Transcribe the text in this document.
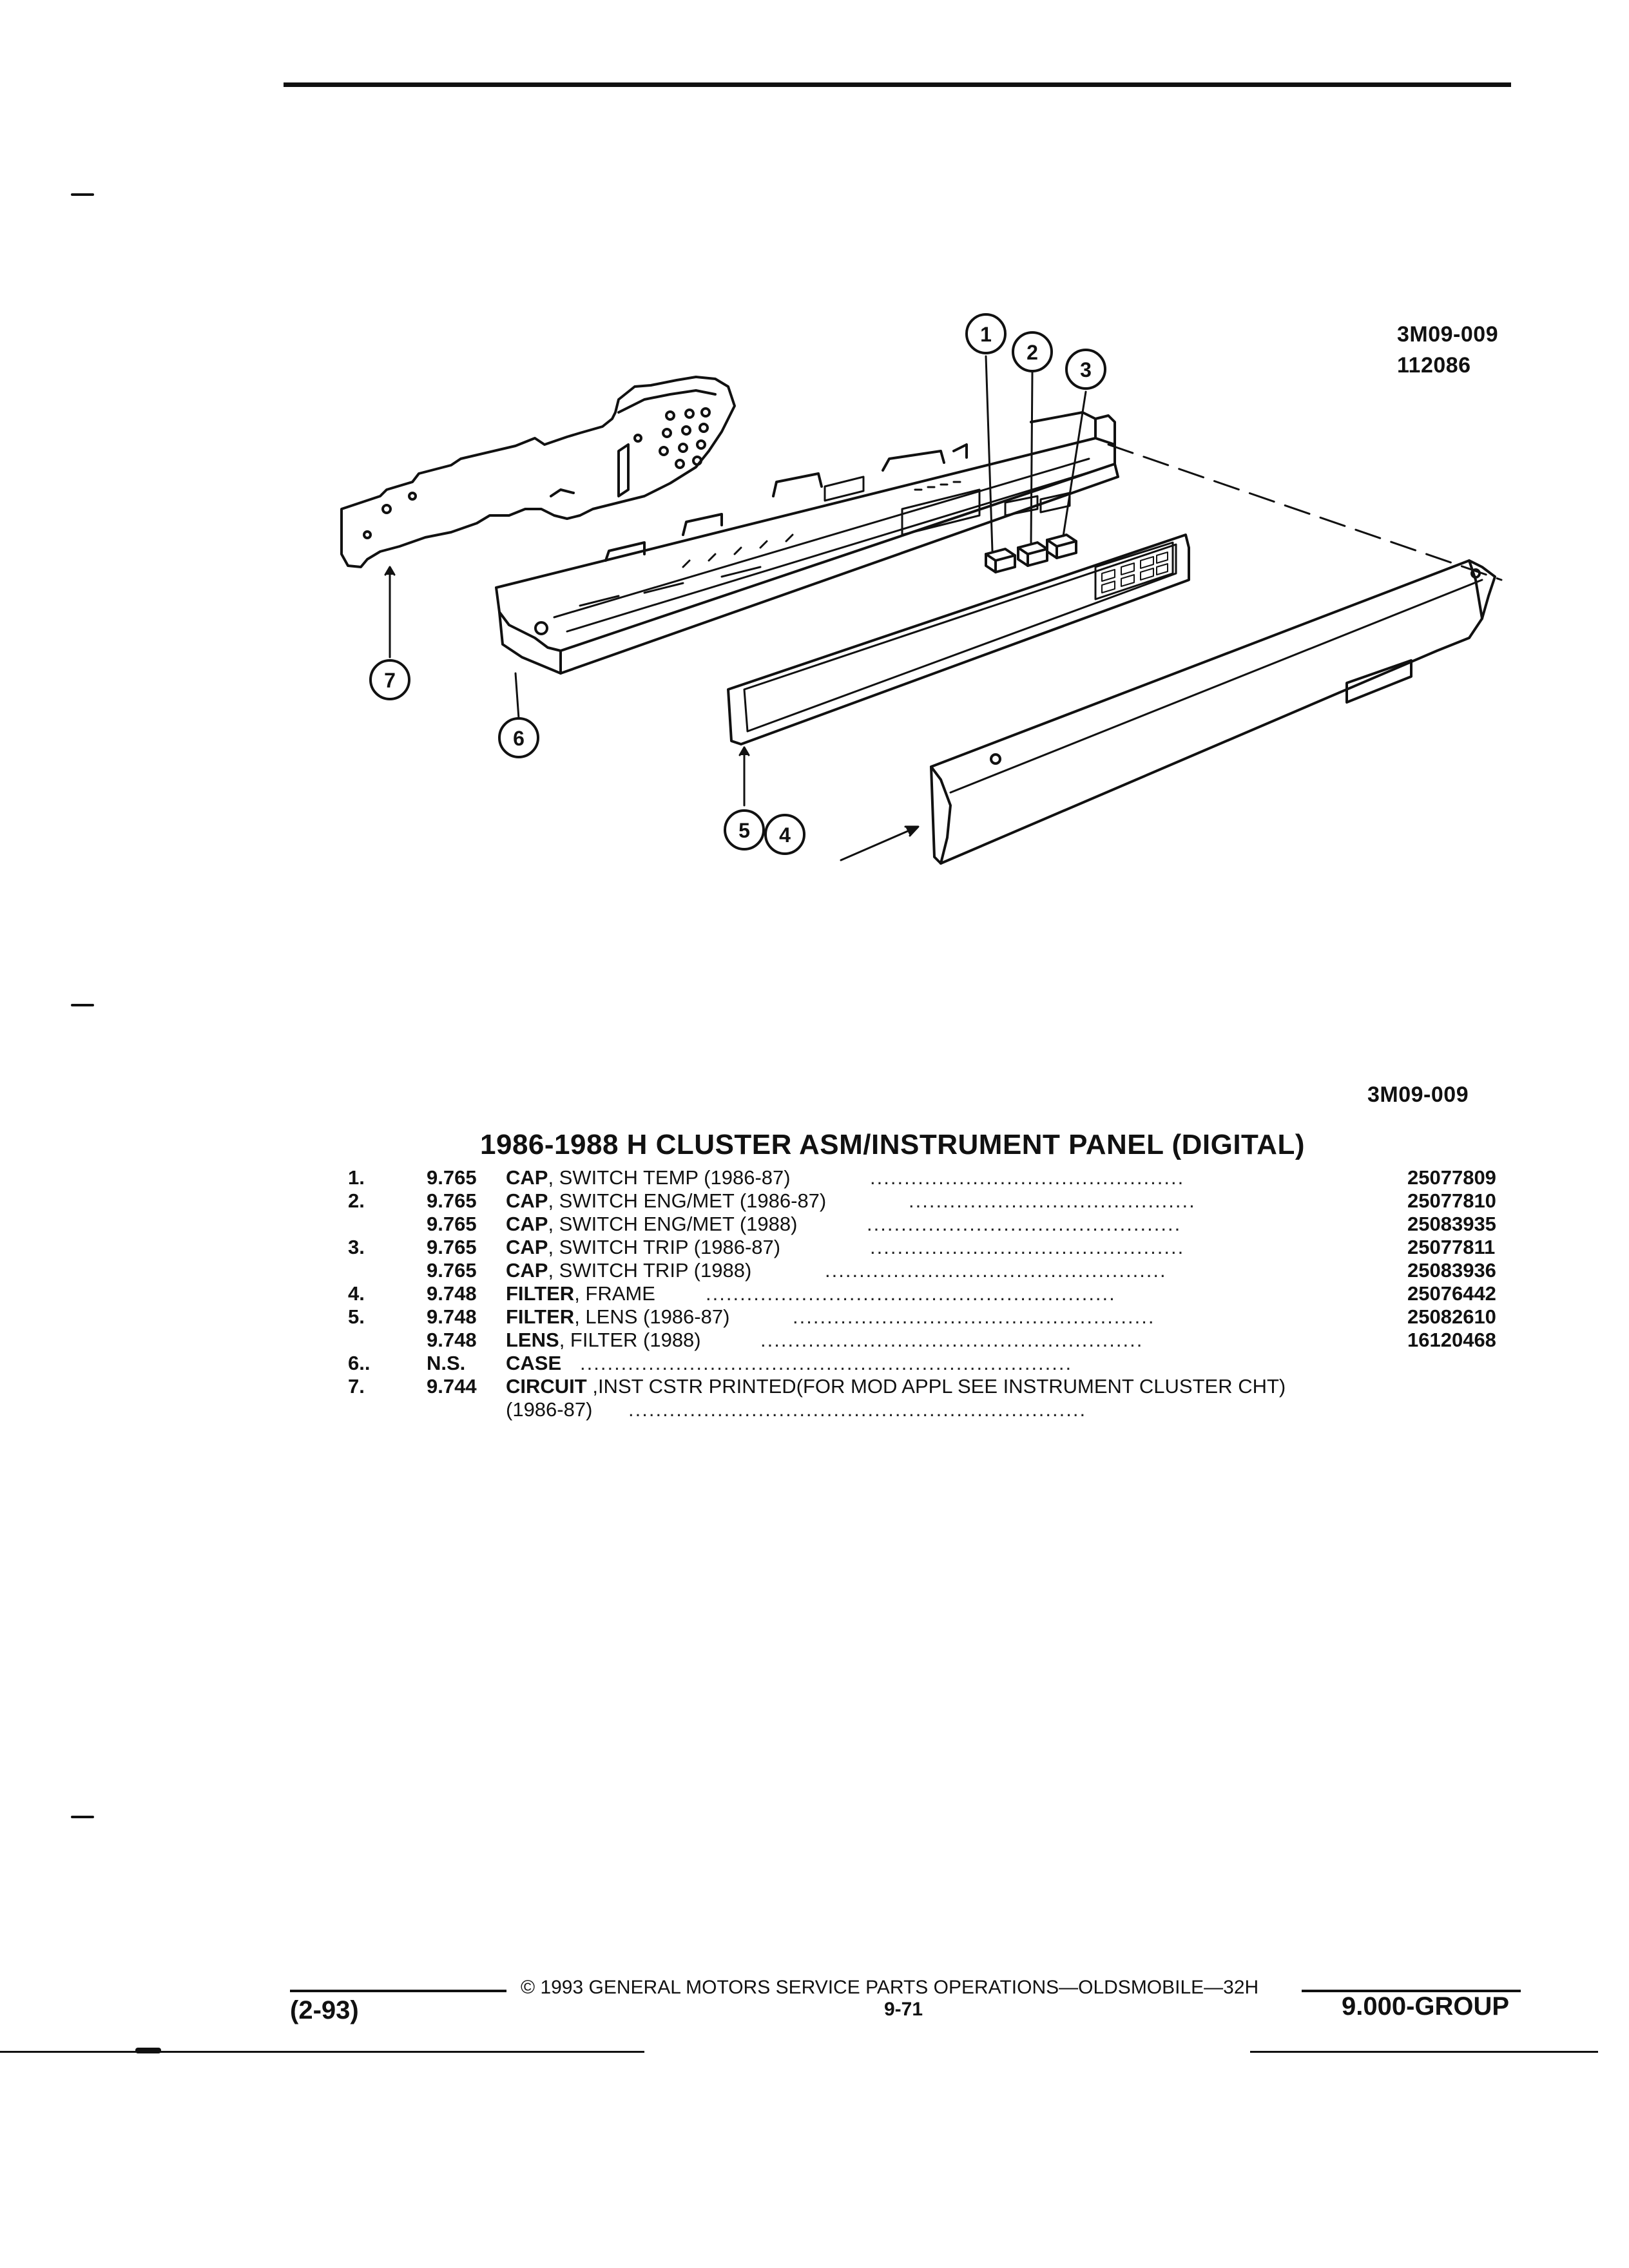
3M09-009
112086
1
2
3
4
5
6
7
3M09-009
1986-1988 H CLUSTER ASM/INSTRUMENT PANEL (DIGITAL)
1.	9.765 CAP, SWITCH TEMP (1986-87)	..............................................	25077809
2.	9.765 CAP, SWITCH ENG/MET (1986-87)	..........................................	25077810
9.765 CAP, SWITCH ENG/MET (1988)	..............................................	25083935
3.	9.765 CAP, SWITCH TRIP (1986-87)	..............................................	25077811
9.765 CAP, SWITCH TRIP (1988)	..................................................	25083936
4.	9.748 FILTER, FRAME	............................................................	25076442
5.	9.748 FILTER, LENS (1986-87)	.....................................................	25082610
9.748 LENS, FILTER (1988)	........................................................	16120468
6..	N.S. CASE ........................................................................
7.	9.744 CIRCUIT ,INST CSTR PRINTED(FOR MOD APPL SEE INSTRUMENT CLUSTER CHT)
(1986-87) ...................................................................
© 1993 GENERAL MOTORS SERVICE PARTS OPERATIONS—OLDSMOBILE—32H
(2-93)	9-71	9.000-GROUP
